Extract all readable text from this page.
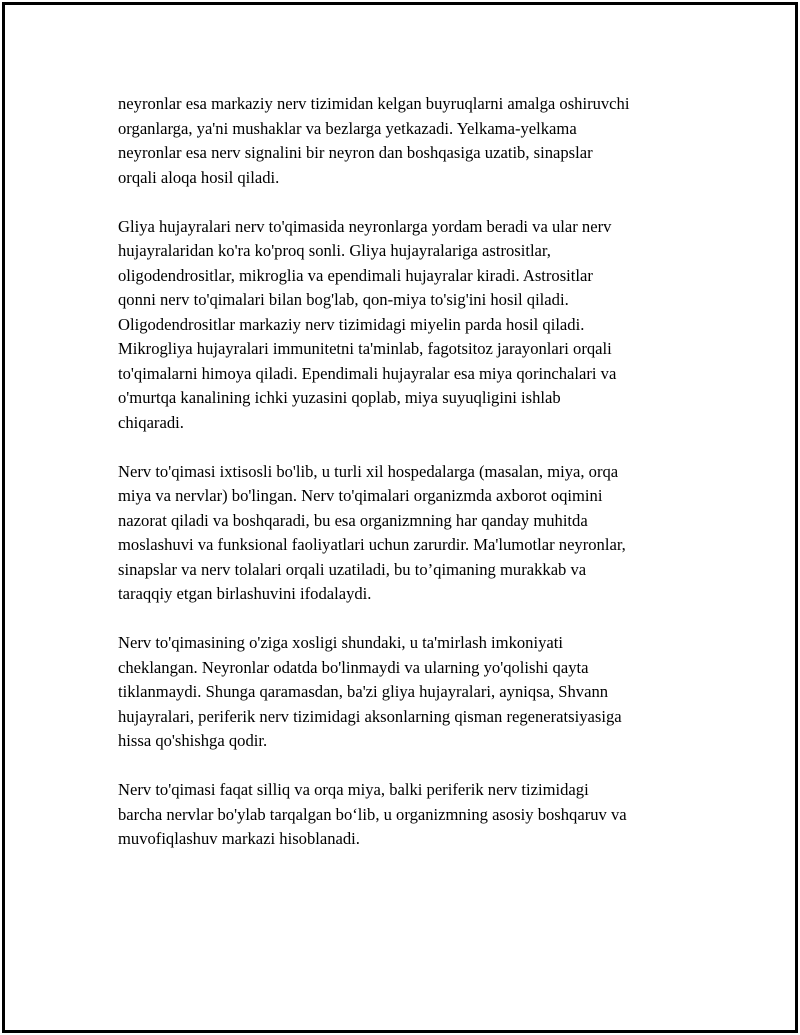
neyronlar esa markaziy nerv tizimidan kelgan buyruqlarni amalga oshiruvchi
organlarga, ya'ni mushaklar va bezlarga yetkazadi. Yelkama-yelkama
neyronlar esa nerv signalini bir neyron dan boshqasiga uzatib, sinapslar
orqali aloqa hosil qiladi.

Gliya hujayralari nerv to'qimasida neyronlarga yordam beradi va ular nerv
hujayralaridan ko'ra ko'proq sonli. Gliya hujayralariga astrositlar,
oligodendrositlar, mikroglia va ependimali hujayralar kiradi. Astrositlar
qonni nerv to'qimalari bilan bog'lab, qon-miya to'sig'ini hosil qiladi.
Oligodendrositlar markaziy nerv tizimidagi miyelin parda hosil qiladi.
Mikrogliya hujayralari immunitetni ta'minlab, fagotsitoz jarayonlari orqali
to'qimalarni himoya qiladi. Ependimali hujayralar esa miya qorinchalari va
o'murtqa kanalining ichki yuzasini qoplab, miya suyuqligini ishlab
chiqaradi.

Nerv to'qimasi ixtisosli bo'lib, u turli xil hospedalarga (masalan, miya, orqa
miya va nervlar) bo'lingan. Nerv to'qimalari organizmda axborot oqimini
nazorat qiladi va boshqaradi, bu esa organizmning har qanday muhitda
moslashuvi va funksional faoliyatlari uchun zarurdir. Ma'lumotlar neyronlar,
sinapslar va nerv tolalari orqali uzatiladi, bu to’qimaning murakkab va
taraqqiy etgan birlashuvini ifodalaydi.

Nerv to'qimasining o'ziga xosligi shundaki, u ta'mirlash imkoniyati
cheklangan. Neyronlar odatda bo'linmaydi va ularning yo'qolishi qayta
tiklanmaydi. Shunga qaramasdan, ba'zi gliya hujayralari, ayniqsa, Shvann
hujayralari, periferik nerv tizimidagi aksonlarning qisman regeneratsiyasiga
hissa qo'shishga qodir.

Nerv to'qimasi faqat silliq va orqa miya, balki periferik nerv tizimidagi
barcha nervlar bo'ylab tarqalgan bo‘lib, u organizmning asosiy boshqaruv va
muvofiqlashuv markazi hisoblanadi.
